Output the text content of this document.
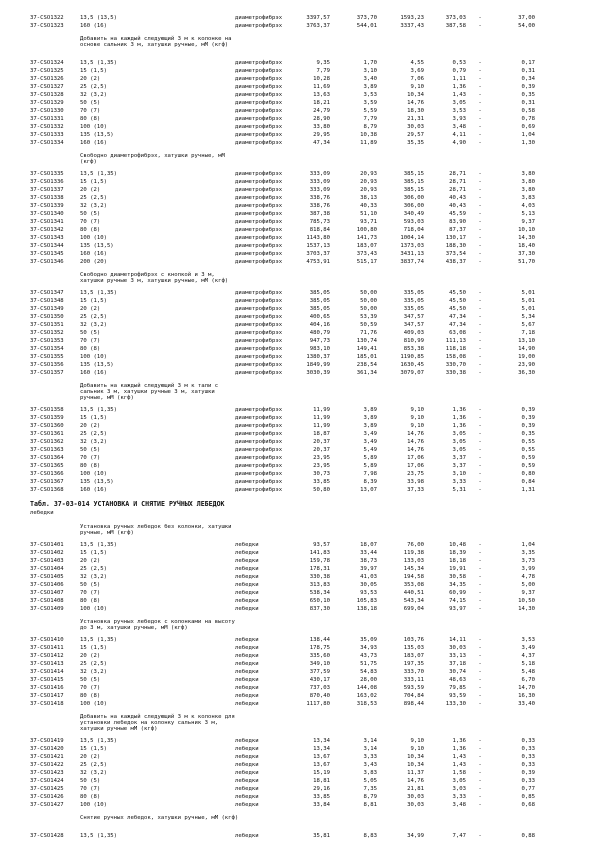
37-CSO1322	13,5 (13,5)	диаметрофибрэх	3397,57	373,70	1593,23	373,03	-	37,00
37-CSO1323	160 (16)	диаметрофибрэх	3763,37	544,01	3337,43	387,58	-	54,00
Добавить на каждый следующий 3 м к колонке на основе сальник 3 м, хатушки ручные, мМ (кгф)
37-CSO1324	13,5 (1,35)	диаметрофибрэх	9,35	1,70	4,55	0,53	-	0,17
37-CSO1325	15 (1,5)	диаметрофибрэх	7,79	3,10	3,69	0,79	-	0,31
37-CSO1326	20 (2)	диаметрофибрэх	10,28	3,40	7,06	1,11	-	0,34
37-CSO1327	25 (2,5)	диаметрофибрэх	11,69	3,89	9,10	1,36	-	0,39
37-CSO1328	32 (3,2)	диаметрофибрэх	13,63	3,53	10,34	1,43	-	0,35
37-CSO1329	50 (5)	диаметрофибрэх	18,21	3,59	14,76	3,05	-	0,31
37-CSO1330	70 (7)	диаметрофибрэх	24,79	5,59	18,30	3,53	-	0,58
37-CSO1331	80 (8)	диаметрофибрэх	28,90	7,79	21,31	3,93	-	0,78
37-CSO1332	100 (10)	диаметрофибрэх	33,80	8,79	30,03	3,48	-	0,69
37-CSO1333	135 (13,5)	диаметрофибрэх	29,95	10,38	29,57	4,11	-	1,04
37-CSO1334	160 (16)	диаметрофибрэх	47,34	11,89	35,35	4,90	-	1,30
Свободно диаметрофибрэх, хатушки ручные, мМ (кгф)
37-CSO1335	13,5 (1,35)	диаметрофибрэх	333,09	20,93	385,15	28,71	-	3,80
37-CSO1336	15 (1,5)	диаметрофибрэх	333,09	20,93	385,15	28,71	-	3,80
37-CSO1337	20 (2)	диаметрофибрэх	333,09	20,93	385,15	28,71	-	3,80
37-CSO1338	25 (2,5)	диаметрофибрэх	338,76	38,13	306,00	40,43	-	3,83
37-CSO1339	32 (3,2)	диаметрофибрэх	338,76	40,33	306,00	40,43	-	4,03
37-CSO1340	50 (5)	диаметрофибрэх	387,38	51,10	340,49	45,59	-	5,13
37-CSO1341	70 (7)	диаметрофибрэх	785,73	93,71	593,03	83,90	-	9,37
37-CSO1342	80 (8)	диаметрофибрэх	818,84	100,80	718,04	87,37	-	10,10
37-CSO1343	100 (10)	диаметрофибрэх	1143,80	141,73	1004,14	130,17	-	14,30
37-CSO1344	135 (13,5)	диаметрофибрэх	1537,13	183,07	1373,03	188,30	-	18,40
37-CSO1345	160 (16)	диаметрофибрэх	3703,37	373,43	3431,13	373,54	-	37,30
37-CSO1346	200 (20)	диаметрофибрэх	4753,91	515,17	3837,74	438,37	-	51,70
Свободно диаметрофибрэх с кнопкой и 3 м, хатушки ручные 3 м, хатушки ручные, мМ (кгф)
37-CSO1347	13,5 (1,35)	диаметрофибрэх	385,05	50,00	335,05	45,50	-	5,01
37-CSO1348	15 (1,5)	диаметрофибрэх	385,05	50,00	335,05	45,50	-	5,01
37-CSO1349	20 (2)	диаметрофибрэх	385,05	50,00	335,05	45,50	-	5,01
37-CSO1350	25 (2,5)	диаметрофибрэх	400,65	53,39	347,57	47,34	-	5,34
37-CSO1351	32 (3,2)	диаметрофибрэх	404,16	50,59	347,57	47,34	-	5,67
37-CSO1352	50 (5)	диаметрофибрэх	480,79	71,76	409,03	63,08	-	7,18
37-CSO1353	70 (7)	диаметрофибрэх	947,73	130,74	810,99	111,13	-	13,10
37-CSO1354	80 (8)	диаметрофибрэх	983,10	149,41	853,38	118,18	-	14,90
37-CSO1355	100 (10)	диаметрофибрэх	1380,37	185,01	1190,85	158,08	-	19,00
37-CSO1356	135 (13,5)	диаметрофибрэх	1849,99	238,54	1630,45	330,70	-	23,90
37-CSO1357	160 (16)	диаметрофибрэх	3030,39	361,34	3079,07	330,38	-	36,30
Добавить на каждый следующий 3 м к тали с сальник 3 м, хатушки ручные 3 м, хатушки ручные, мМ (кгф)
37-CSO1358	13,5 (1,35)	диаметрофибрэх	11,99	3,89	9,10	1,36	-	0,39
37-CSO1359	15 (1,5)	диаметрофибрэх	11,99	3,89	9,10	1,36	-	0,39
37-CSO1360	20 (2)	диаметрофибрэх	11,99	3,89	9,10	1,36	-	0,39
37-CSO1361	25 (2,5)	диаметрофибрэх	18,87	3,49	14,76	3,05	-	0,35
37-CSO1362	32 (3,2)	диаметрофибрэх	20,37	3,49	14,76	3,05	-	0,55
37-CSO1363	50 (5)	диаметрофибрэх	20,37	5,49	14,76	3,05	-	0,55
37-CSO1364	70 (7)	диаметрофибрэх	23,95	5,89	17,06	3,37	-	0,59
37-CSO1365	80 (8)	диаметрофибрэх	23,95	5,89	17,06	3,37	-	0,59
37-CSO1366	100 (10)	диаметрофибрэх	30,73	7,98	23,75	3,10	-	0,80
37-CSO1367	135 (13,5)	диаметрофибрэх	33,85	8,39	33,98	3,33	-	0,84
37-CSO1368	160 (16)	диаметрофибрэх	50,80	13,07	37,33	5,31	-	1,31
Табл. 37-03-014 УСТАНОВКА И СНЯТИЕ РУЧНЫХ ЛЕБЕДОК
лебедки
Установка ручных лебедок без колонки, хатушки ручные, мМ (кгф)
37-CSO1401	13,5 (1,35)	лебедки	93,57	18,07	76,00	10,48	-	1,04
37-CSO1402	15 (1,5)	лебедки	141,83	33,44	119,38	18,39	-	3,35
37-CSO1403	20 (2)	лебедки	159,78	38,73	133,03	18,18	-	3,73
37-CSO1404	25 (2,5)	лебедки	178,31	39,97	145,34	19,91	-	3,99
37-CSO1405	32 (3,2)	лебедки	330,38	41,03	194,58	30,58	-	4,78
37-CSO1406	50 (5)	лебедки	313,83	30,05	353,08	34,35	-	5,00
37-CSO1407	70 (7)	лебедки	538,34	93,53	440,51	60,99	-	9,37
37-CSO1408	80 (8)	лебедки	650,10	105,83	543,34	74,15	-	10,50
37-CSO1409	100 (10)	лебедки	837,30	138,18	699,04	93,97	-	14,30
Установка ручных лебедок с колонками на высоту до 3 м, хатушки ручные, мМ (кгф)
37-CSO1410	13,5 (1,35)	лебедки	138,44	35,09	103,76	14,11	-	3,53
37-CSO1411	15 (1,5)	лебедки	178,75	34,93	135,03	30,03	-	3,49
37-CSO1412	20 (2)	лебедки	335,60	43,73	183,07	33,13	-	4,37
37-CSO1413	25 (2,5)	лебедки	349,10	51,75	197,35	37,18	-	5,18
37-CSO1414	32 (3,2)	лебедки	377,59	54,83	333,70	30,74	-	5,48
37-CSO1415	50 (5)	лебедки	430,17	28,00	333,11	48,63	-	6,70
37-CSO1416	70 (7)	лебедки	737,03	144,08	593,59	79,85	-	14,70
37-CSO1417	80 (8)	лебедки	870,40	163,02	704,84	93,59	-	16,30
37-CSO1418	100 (10)	лебедки	1117,80	318,53	898,44	133,30	-	33,40
Добавить на каждый следующий 3 м к колонке для установки лебедок на колонку сальник 3 м, хатушки ручные мМ (кгф)
37-CSO1419	13,5 (1,35)	лебедки	13,34	3,14	9,10	1,36	-	0,33
37-CSO1420	15 (1,5)	лебедки	13,34	3,14	9,10	1,36	-	0,33
37-CSO1421	20 (2)	лебедки	13,67	3,33	10,34	1,43	-	0,33
37-CSO1422	25 (2,5)	лебедки	13,67	3,43	10,34	1,43	-	0,33
37-CSO1423	32 (3,2)	лебедки	15,19	3,83	11,37	1,58	-	0,39
37-CSO1424	50 (5)	лебедки	18,81	5,05	14,76	3,05	-	0,33
37-CSO1425	70 (7)	лебедки	29,16	7,35	21,81	3,03	-	0,77
37-CSO1426	80 (8)	лебедки	33,85	8,79	30,03	3,33	-	0,85
37-CSO1427	100 (10)	лебедки	33,84	8,81	30,03	3,48	-	0,68
Снятие ручных лебедок, хатушки ручные, мМ (кгф)
37-CSO1428	13,5 (1,35)	лебедки	35,81	8,83	34,99	7,47	-	0,88
